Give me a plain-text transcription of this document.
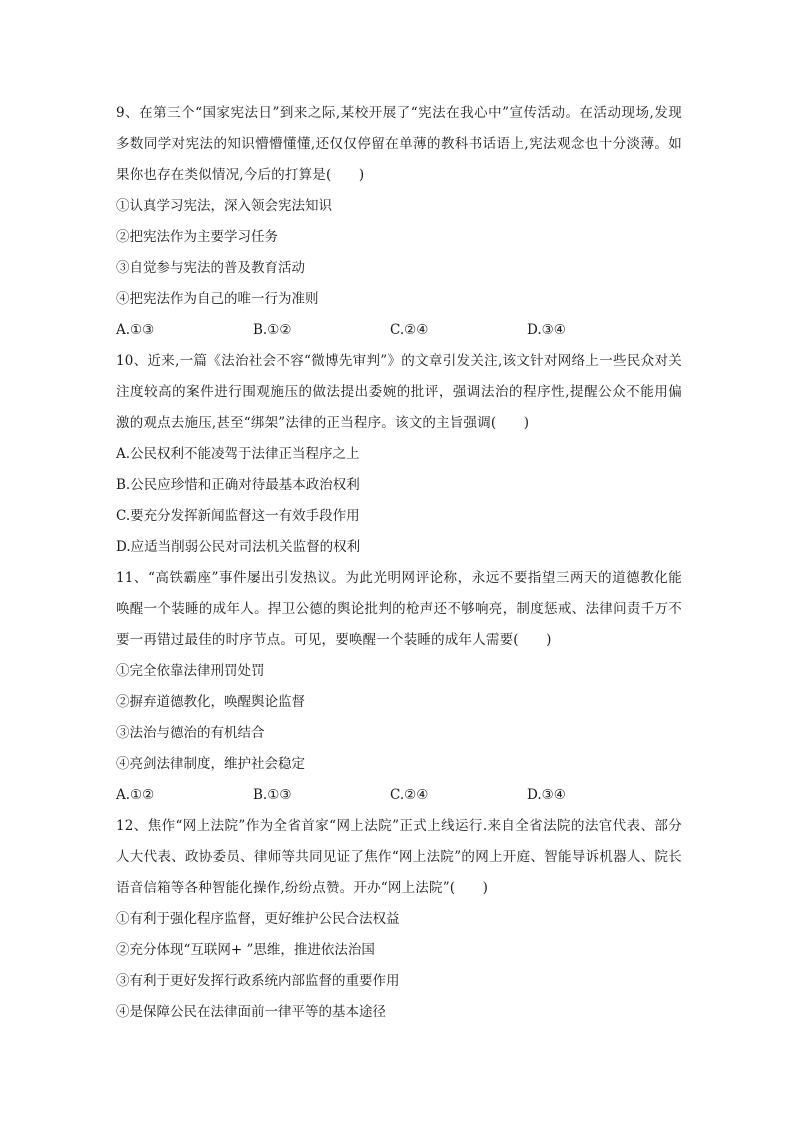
9、在第三个“国家宪法日”到来之际,某校开展了“宪法在我心中”宣传活动。在活动现场,发现多数同学对宪法的知识懵懵懂懂,还仅仅停留在单薄的教科书话语上,宪法观念也十分淡薄。如果你也存在类似情况,今后的打算是(　　)

①认真学习宪法，深入领会宪法知识

②把宪法作为主要学习任务

③自觉参与宪法的普及教育活动

④把宪法作为自己的唯一行为准则

A.①③	B.①②	C.②④	D.③④

10、近来,一篇《法治社会不容“微博先审判”》的文章引发关注,该文针对网络上一些民众对关注度较高的案件进行围观施压的做法提出委婉的批评，强调法治的程序性,提醒公众不能用偏激的观点去施压,甚至“绑架”法律的正当程序。该文的主旨强调(　　)

A.公民权利不能凌驾于法律正当程序之上

B.公民应珍惜和正确对待最基本政治权利

C.要充分发挥新闻监督这一有效手段作用

D.应适当削弱公民对司法机关监督的权利

11、“高铁霸座”事件屡出引发热议。为此光明网评论称，永远不要指望三两天的道德教化能唤醒一个装睡的成年人。捍卫公德的舆论批判的枪声还不够响亮，制度惩戒、法律问责千万不要一再错过最佳的时序节点。可见，要唤醒一个装睡的成年人需要(　　)

①完全依靠法律刑罚处罚

②摒弃道德教化，唤醒舆论监督

③法治与德治的有机结合

④亮剑法律制度，维护社会稳定

A.①②	B.①③	C.②④	D.③④

12、焦作“网上法院”作为全省首家“网上法院”正式上线运行.来自全省法院的法官代表、部分人大代表、政协委员、律师等共同见证了焦作“网上法院”的网上开庭、智能导诉机器人、院长语音信箱等各种智能化操作,纷纷点赞。开办“网上法院”(　　)

①有利于强化程序监督，更好维护公民合法权益

②充分体现“互联网+ ”思维，推进依法治国

③有利于更好发挥行政系统内部监督的重要作用

④是保障公民在法律面前一律平等的基本途径
